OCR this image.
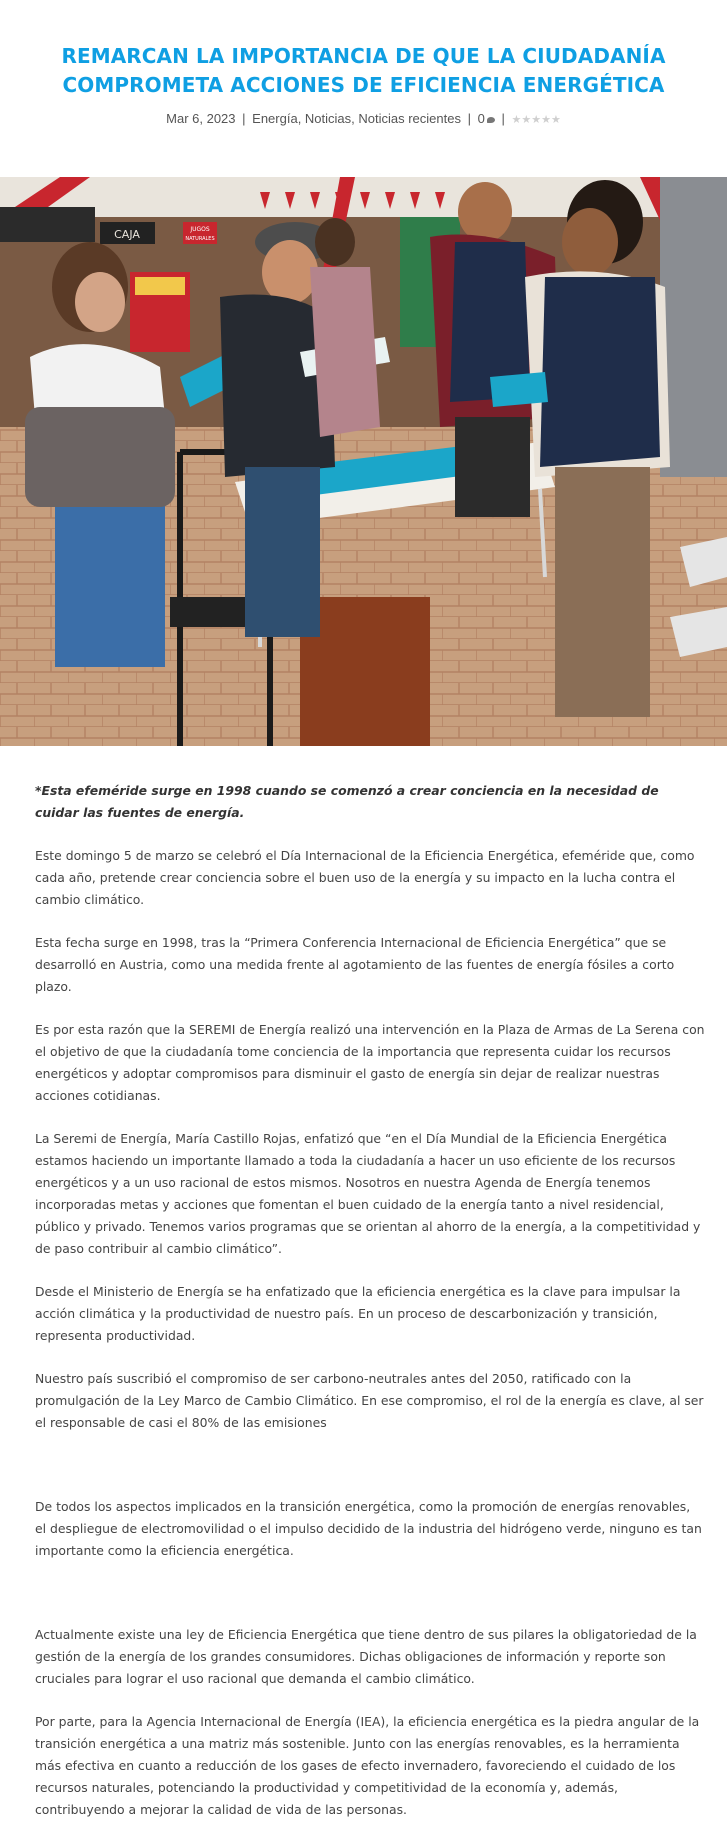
REMARCAN LA IMPORTANCIA DE QUE LA CIUDADANÍA COMPROMETA ACCIONES DE EFICIENCIA ENERGÉTICA
Mar 6, 2023 | Energía, Noticias, Noticias recientes | 0 | ★★★★★
CAJA	JUGOS
NATURALES

*Esta efeméride surge en 1998 cuando se comenzó a crear conciencia en la necesidad de cuidar las fuentes de energía.

Este domingo 5 de marzo se celebró el Día Internacional de la Eficiencia Energética, efeméride que, como cada año, pretende crear conciencia sobre el buen uso de la energía y su impacto en la lucha contra el cambio climático.

Esta fecha surge en 1998, tras la “Primera Conferencia Internacional de Eficiencia Energética” que se desarrolló en Austria, como una medida frente al agotamiento de las fuentes de energía fósiles a corto plazo.

Es por esta razón que la SEREMI de Energía realizó una intervención en la Plaza de Armas de La Serena con el objetivo de que la ciudadanía tome conciencia de la importancia que representa cuidar los recursos energéticos y adoptar compromisos para disminuir el gasto de energía sin dejar de realizar nuestras acciones cotidianas.

La Seremi de Energía, María Castillo Rojas, enfatizó que “en el Día Mundial de la Eficiencia Energética estamos haciendo un importante llamado a toda la ciudadanía a hacer un uso eficiente de los recursos energéticos y a un uso racional de estos mismos. Nosotros en nuestra Agenda de Energía tenemos incorporadas metas y acciones que fomentan el buen cuidado de la energía tanto a nivel residencial, público y privado. Tenemos varios programas que se orientan al ahorro de la energía, a la competitividad y de paso contribuir al cambio climático”.

Desde el Ministerio de Energía se ha enfatizado que la eficiencia energética es la clave para impulsar la acción climática y la productividad de nuestro país. En un proceso de descarbonización y transición, representa productividad.

Nuestro país suscribió el compromiso de ser carbono-neutrales antes del 2050, ratificado con la promulgación de la Ley Marco de Cambio Climático. En ese compromiso, el rol de la energía es clave, al ser el responsable de casi el 80% de las emisiones

De todos los aspectos implicados en la transición energética, como la promoción de energías renovables, el despliegue de electromovilidad o el impulso decidido de la industria del hidrógeno verde, ninguno es tan importante como la eficiencia energética.

Actualmente existe una ley de Eficiencia Energética que tiene dentro de sus pilares la obligatoriedad de la gestión de la energía de los grandes consumidores. Dichas obligaciones de información y reporte son cruciales para lograr el uso racional que demanda el cambio climático.

Por parte, para la Agencia Internacional de Energía (IEA), la eficiencia energética es la piedra angular de la transición energética a una matriz más sostenible. Junto con las energías renovables, es la herramienta más efectiva en cuanto a reducción de los gases de efecto invernadero, favoreciendo el cuidado de los recursos naturales, potenciando la productividad y competitividad de la economía y, además, contribuyendo a mejorar la calidad de vida de las personas.
